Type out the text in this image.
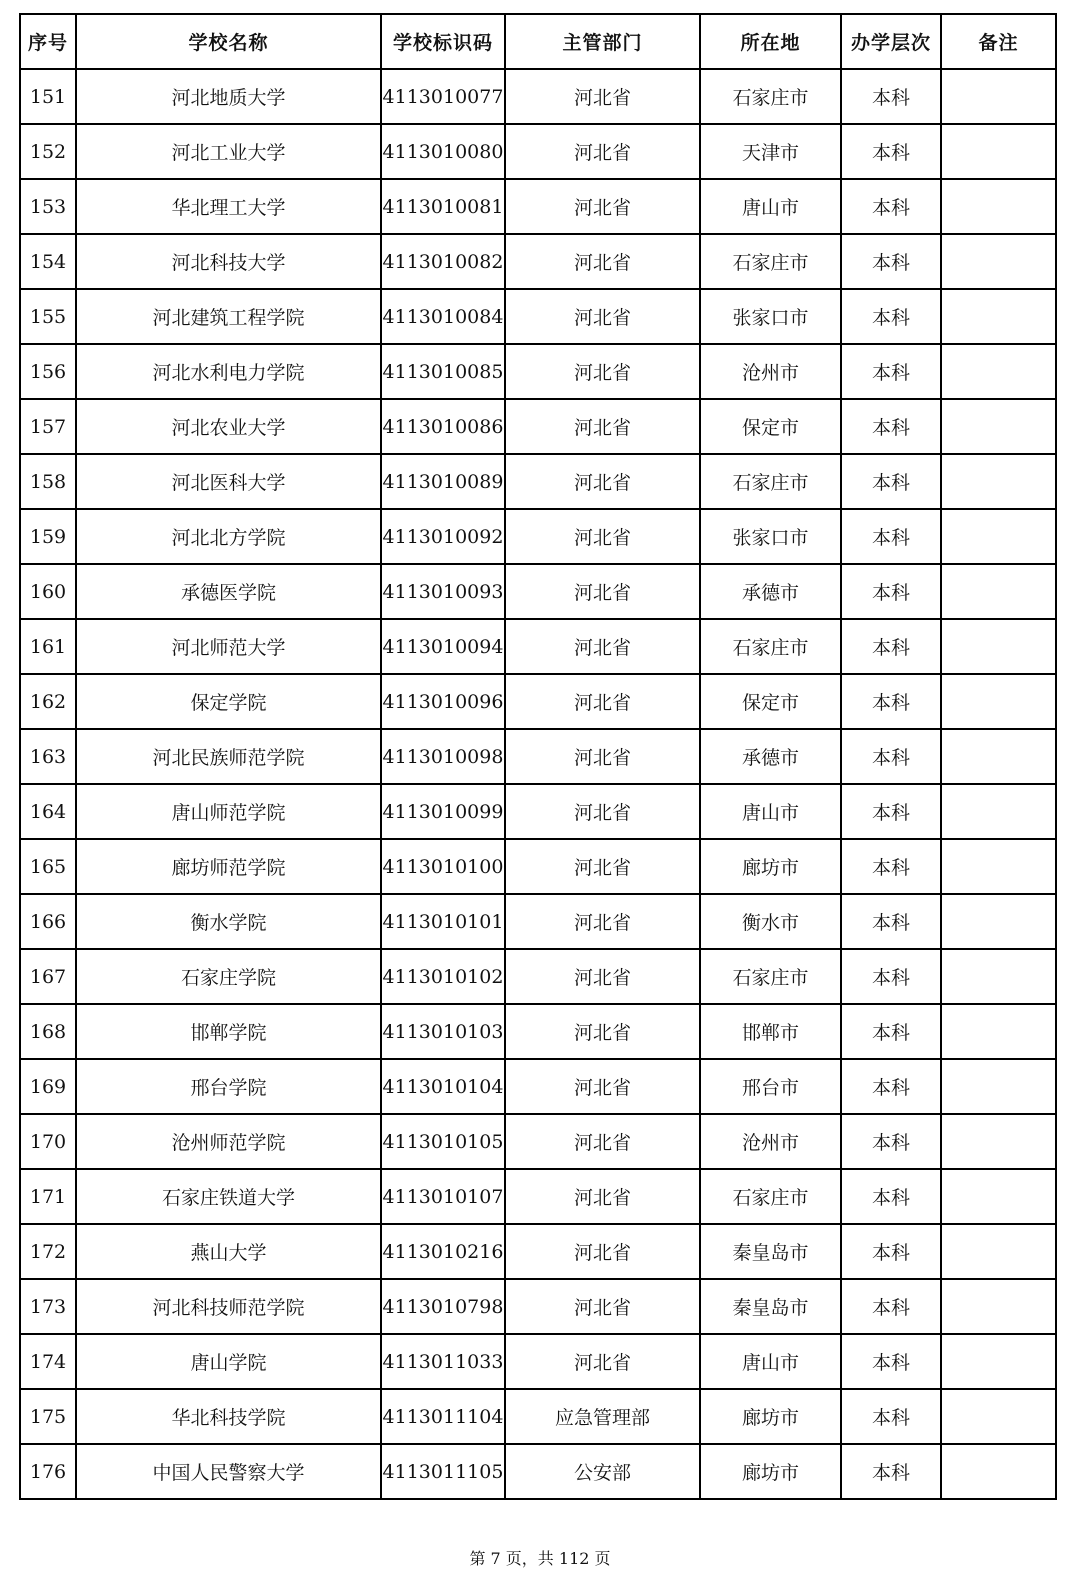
序号	学校名称	学校标识码	主管部门	所在地	办学层次	备注
151	河北地质大学	4113010077	河北省	石家庄市	本科	
152	河北工业大学	4113010080	河北省	天津市	本科	
153	华北理工大学	4113010081	河北省	唐山市	本科	
154	河北科技大学	4113010082	河北省	石家庄市	本科	
155	河北建筑工程学院	4113010084	河北省	张家口市	本科	
156	河北水利电力学院	4113010085	河北省	沧州市	本科	
157	河北农业大学	4113010086	河北省	保定市	本科	
158	河北医科大学	4113010089	河北省	石家庄市	本科	
159	河北北方学院	4113010092	河北省	张家口市	本科	
160	承德医学院	4113010093	河北省	承德市	本科	
161	河北师范大学	4113010094	河北省	石家庄市	本科	
162	保定学院	4113010096	河北省	保定市	本科	
163	河北民族师范学院	4113010098	河北省	承德市	本科	
164	唐山师范学院	4113010099	河北省	唐山市	本科	
165	廊坊师范学院	4113010100	河北省	廊坊市	本科	
166	衡水学院	4113010101	河北省	衡水市	本科	
167	石家庄学院	4113010102	河北省	石家庄市	本科	
168	邯郸学院	4113010103	河北省	邯郸市	本科	
169	邢台学院	4113010104	河北省	邢台市	本科	
170	沧州师范学院	4113010105	河北省	沧州市	本科	
171	石家庄铁道大学	4113010107	河北省	石家庄市	本科	
172	燕山大学	4113010216	河北省	秦皇岛市	本科	
173	河北科技师范学院	4113010798	河北省	秦皇岛市	本科	
174	唐山学院	4113011033	河北省	唐山市	本科	
175	华北科技学院	4113011104	应急管理部	廊坊市	本科	
176	中国人民警察大学	4113011105	公安部	廊坊市	本科	
第 7 页，共 112 页
